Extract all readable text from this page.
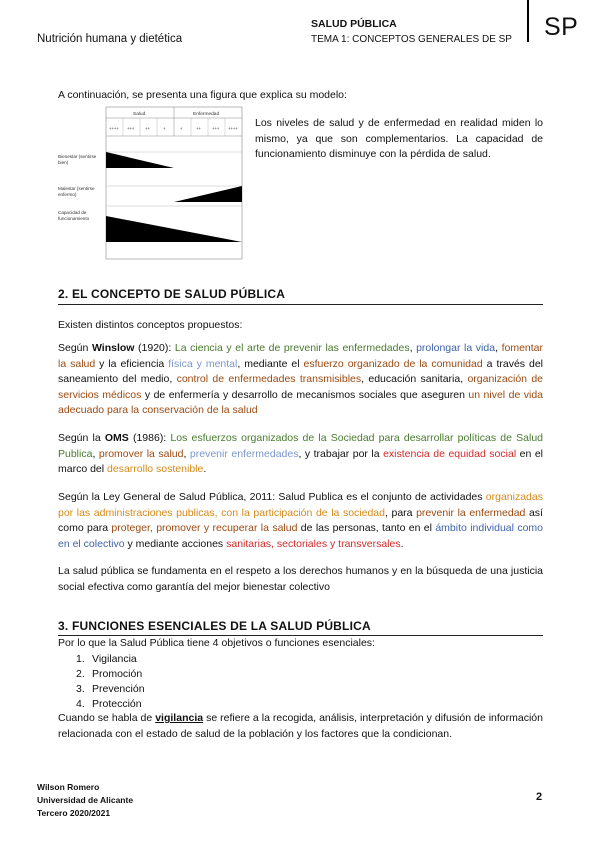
Nutrición humana y dietética
SALUD PÚBLICA
TEMA 1: CONCEPTOS GENERALES DE SP SP
A continuación, se presenta una figura que explica su modelo:
Salud	Enfermedad
++++ +++	++	+	+	++	+++ ++++
Bienestar (sentirse bien)
Malestar (sentirse enfermo)
Capacidad de funcionamiento
Los niveles de salud y de enfermedad en realidad miden lo mismo, ya que son complementarios. La capacidad de funcionamiento disminuye con la pérdida de salud.
2. EL CONCEPTO DE SALUD PÚBLICA
Existen distintos conceptos propuestos:
Según Winslow (1920): La ciencia y el arte de prevenir las enfermedades, prolongar la vida, fomentar la salud y la eficiencia física y mental, mediante el esfuerzo organizado de la comunidad a través del saneamiento del medio, control de enfermedades transmisibles, educación sanitaria, organización de servicios médicos y de enfermería y desarrollo de mecanismos sociales que aseguren un nivel de vida adecuado para la conservación de la salud
Según la OMS (1986): Los esfuerzos organizados de la Sociedad para desarrollar políticas de Salud Publica, promover la salud, prevenir enfermedades, y trabajar por la existencia de equidad social en el marco del desarrollo sostenible.
Según la Ley General de Salud Pública, 2011: Salud Publica es el conjunto de actividades organizadas por las administraciones publicas, con la participación de la sociedad, para prevenir la enfermedad así como para proteger, promover y recuperar la salud de las personas, tanto en el ámbito individual como en el colectivo y mediante acciones sanitarias, sectoriales y transversales.
La salud pública se fundamenta en el respeto a los derechos humanos y en la búsqueda de una justicia social efectiva como garantía del mejor bienestar colectivo
3. FUNCIONES ESENCIALES DE LA SALUD PÚBLICA
Por lo que la Salud Pública tiene 4 objetivos o funciones esenciales:
1. Vigilancia
2. Promoción
3. Prevención
4. Protección
Cuando se habla de vigilancia se refiere a la recogida, análisis, interpretación y difusión de información relacionada con el estado de salud de la población y los factores que la condicionan.
Wilson Romero
Universidad de Alicante
Tercero 2020/2021
2
